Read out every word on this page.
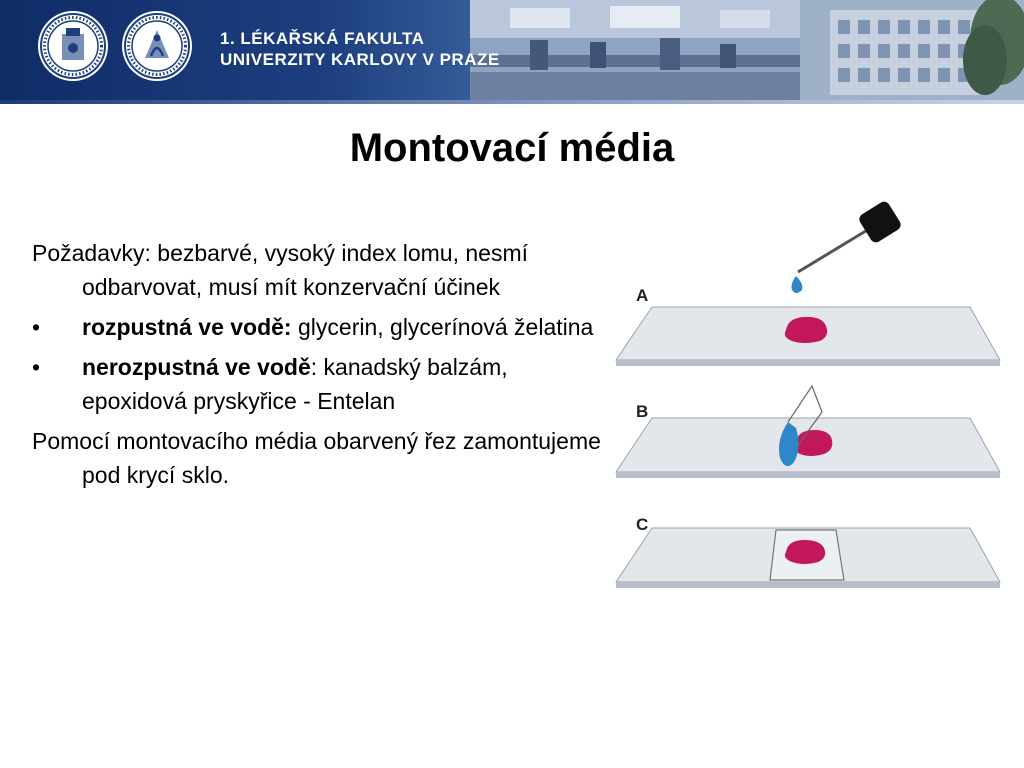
1. LÉKAŘSKÁ FAKULTA
UNIVERZITY KARLOVY V PRAZE
Montovací média

Požadavky: bezbarvé, vysoký index lomu, nesmí odbarvovat, musí mít konzervační účinek

• rozpustná ve vodě: glycerin, glycerínová želatina
• nerozpustná ve vodě: kanadský balzám, epoxidová pryskyřice - Entelan

Pomocí montovacího média obarvený řez zamontujeme pod krycí sklo.

A
B
C
